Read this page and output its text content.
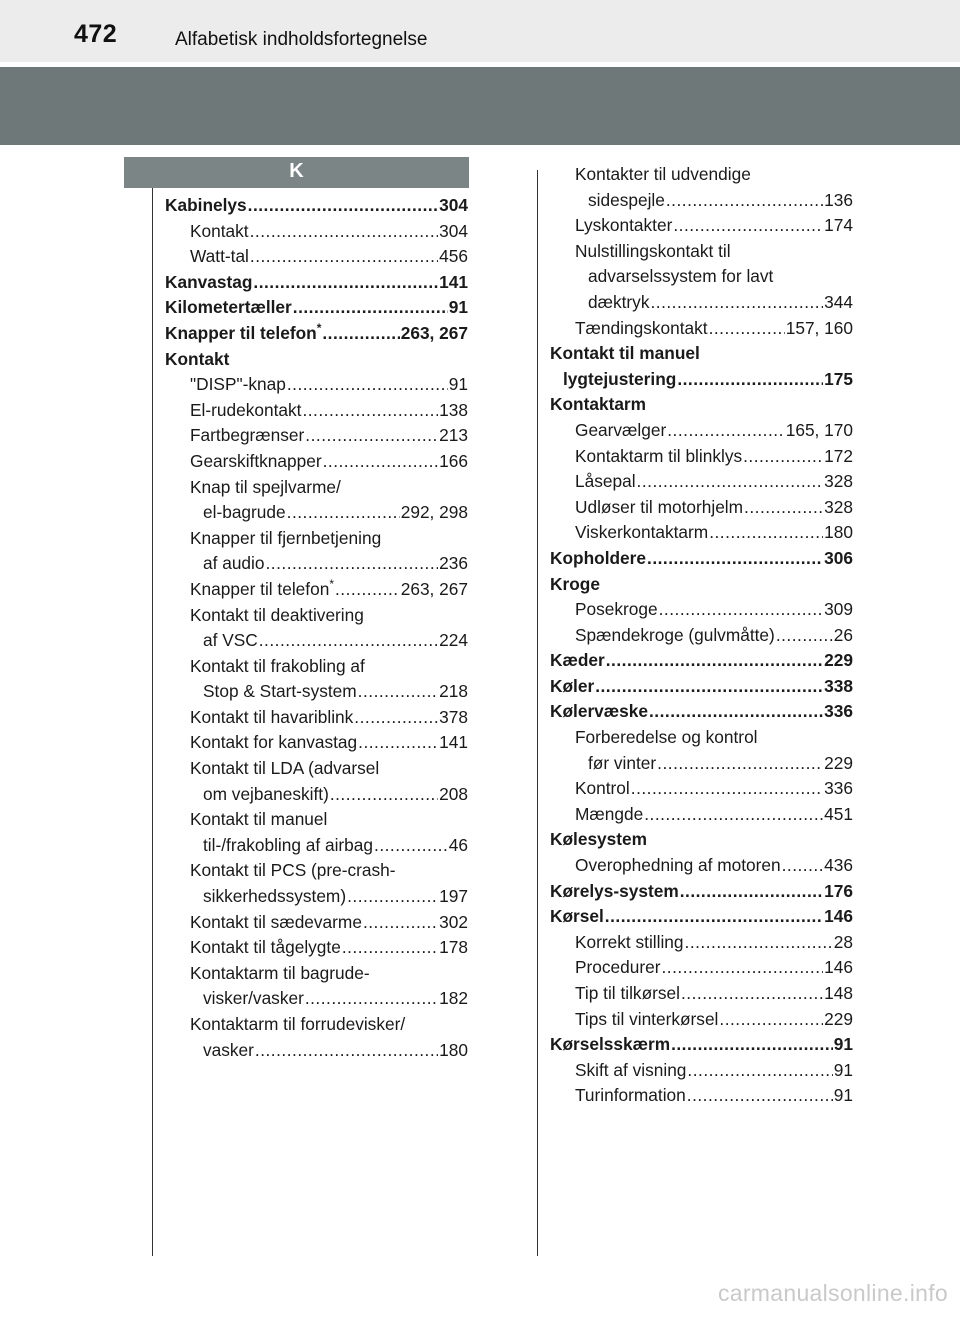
472	Alfabetisk indholdsfortegnelse
K
Kabinelys .....	304
Kontakt .....	304
Watt-tal .....	456
Kanvastag .....	141
Kilometertæller .....	91
Knapper til telefon* .....	263, 267
Kontakt
"DISP"-knap .....	91
El-rudekontakt .....	138
Fartbegrænser .....	213
Gearskiftknapper .....	166
Knap til spejlvarme/
el-bagrude .....	292, 298
Knapper til fjernbetjening
af audio .....	236
Knapper til telefon* .....	263, 267
Kontakt til deaktivering
af VSC .....	224
Kontakt til frakobling af
Stop & Start-system .....	218
Kontakt til havariblink .....	378
Kontakt for kanvastag .....	141
Kontakt til LDA (advarsel
om vejbaneskift) .....	208
Kontakt til manuel
til-/frakobling af airbag .....	46
Kontakt til PCS (pre-crash-
sikkerhedssystem) .....	197
Kontakt til sædevarme .....	302
Kontakt til tågelygte .....	178
Kontaktarm til bagrude-
visker/vasker .....	182
Kontaktarm til forrudevisker/
vasker .....	180
Kontakter til udvendige
sidespejle .....	136
Lyskontakter .....	174
Nulstillingskontakt til
advarselssystem for lavt
dæktryk .....	344
Tændingskontakt .....	157, 160
Kontakt til manuel
lygtejustering .....	175
Kontaktarm
Gearvælger .....	165, 170
Kontaktarm til blinklys .....	172
Låsepal .....	328
Udløser til motorhjelm .....	328
Viskerkontaktarm .....	180
Kopholdere .....	306
Kroge
Posekroge .....	309
Spændekroge (gulvmåtte) .....	26
Kæder .....	229
Køler .....	338
Kølervæske .....	336
Forberedelse og kontrol
før vinter .....	229
Kontrol .....	336
Mængde .....	451
Kølesystem
Overophedning af motoren .....	436
Kørelys-system .....	176
Kørsel .....	146
Korrekt stilling .....	28
Procedurer .....	146
Tip til tilkørsel .....	148
Tips til vinterkørsel .....	229
Kørselsskærm .....	91
Skift af visning .....	91
Turinformation .....	91
carmanualsonline.info
